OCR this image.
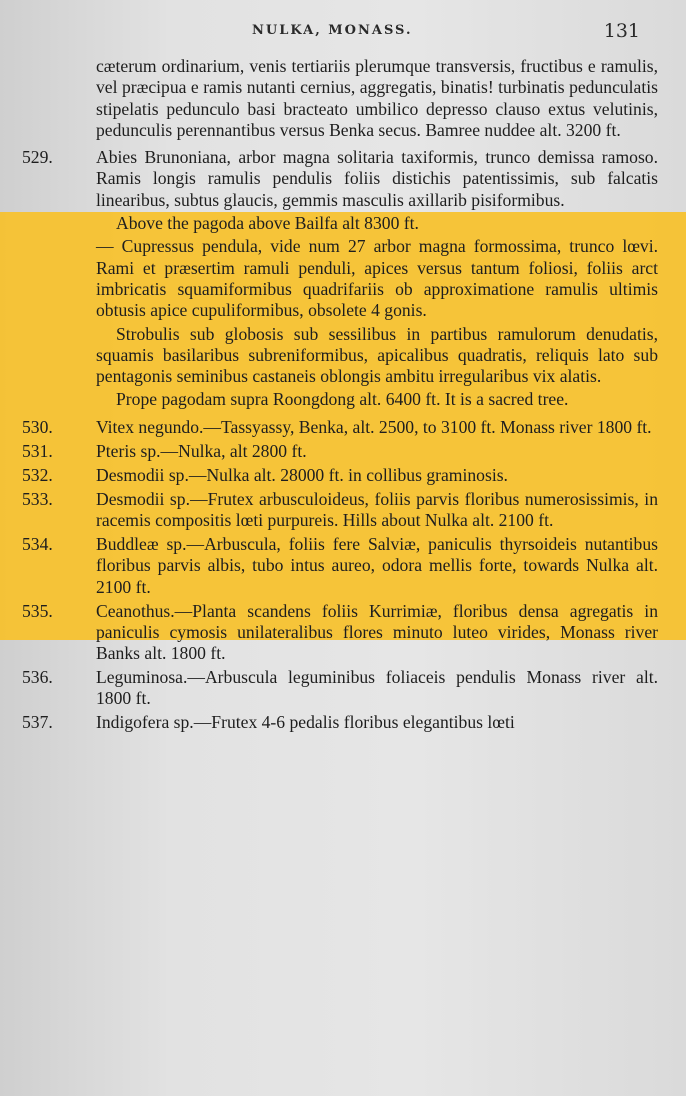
NULKA, MONASS.	131

cæterum ordinarium, venis tertiariis plerumque transversis, fructibus e ramulis, vel præcipua e ramis nutanti cernius, aggregatis, binatis! turbinatis pedunculatis stipelatis pedunculo basi bracteato umbilico depresso clauso extus velutinis, pedunculis perennantibus versus Benka secus. Bamree nuddee alt. 3200 ft.

529.	Abies Brunoniana, arbor magna solitaria taxiformis, trunco demissa ramoso. Ramis longis ramulis pendulis foliis distichis patentissimis, sub falcatis linearibus, subtus glaucis, gemmis masculis axillarib pisiformibus.

Above the pagoda above Bailfa alt 8300 ft.

— Cupressus pendula, vide num 27 arbor magna formossima, trunco lœvi. Rami et præsertim ramuli penduli, apices versus tantum foliosi, foliis arct imbricatis squamiformibus quadrifariis ob approximatione ramulis ultimis obtusis apice cupuliformibus, obsolete 4 gonis.

Strobulis sub globosis sub sessilibus in partibus ramulorum denudatis, squamis basilaribus subreniformibus, apicalibus quadratis, reliquis lato sub pentagonis seminibus castaneis oblongis ambitu irregularibus vix alatis.

Prope pagodam supra Roongdong alt. 6400 ft. It is a sacred tree.

530.	Vitex negundo.—Tassyassy, Benka, alt. 2500, to 3100 ft. Monass river 1800 ft.

531.	Pteris sp.—Nulka, alt 2800 ft.

532.	Desmodii sp.—Nulka alt. 28000 ft. in collibus graminosis.

533.	Desmodii sp.—Frutex arbusculoideus, foliis parvis floribus numerosissimis, in racemis compositis lœti purpureis. Hills about Nulka alt. 2100 ft.

534.	Buddleæ sp.—Arbuscula, foliis fere Salviæ, paniculis thyrsoideis nutantibus floribus parvis albis, tubo intus aureo, odora mellis forte, towards Nulka alt. 2100 ft.

535.	Ceanothus.—Planta scandens foliis Kurrimiæ, floribus densa agregatis in paniculis cymosis unilateralibus flores minuto luteo virides, Monass river Banks alt. 1800 ft.

536.	Leguminosa.—Arbuscula leguminibus foliaceis pendulis Monass river alt. 1800 ft.

537.	Indigofera sp.—Frutex 4-6 pedalis floribus elegantibus lœti
